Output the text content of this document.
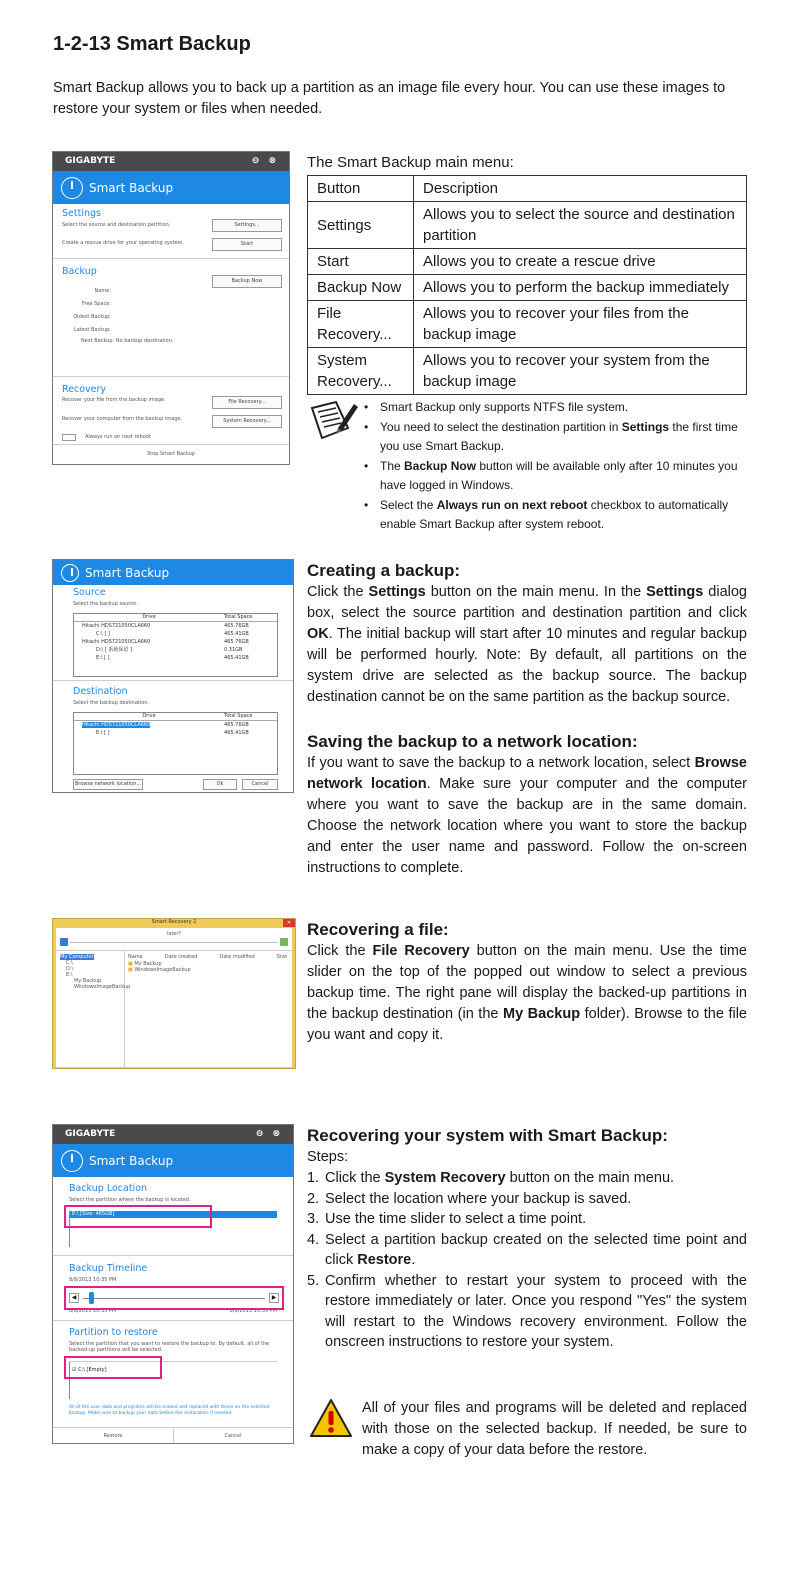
1-2-13 Smart Backup

Smart Backup allows you to back up a partition as an image file every hour. You can use these images to restore your system or files when needed.

GIGABYTE	⊖ ⊗
Smart Backup
Settings
Select the source and destination partition.	Settings...
Create a rescue drive for your operating system.	Start
Backup
Backup Now
Name:
Free Space:
Oldest Backup:
Latest Backup:
Next Backup: No backup destination.
Recovery
Recover your file from the backup image.	File Recovery...
Recover your computer from the backup image.	System Recovery...
Always run on next reboot
Stop Smart Backup
The Smart Backup main menu:
Button	Description
Settings	Allows you to select the source and destination partition
Start	Allows you to create a rescue drive
Backup Now	Allows you to perform the backup immediately
File Recovery...	Allows you to recover your files from the backup image
System Recovery...	Allows you to recover your system from the backup image
• Smart Backup only supports NTFS file system.
• You need to select the destination partition in Settings the first time you use Smart Backup.
• The Backup Now button will be available only after 10 minutes you have logged in Windows.
• Select the Always run on next reboot checkbox to automatically enable Smart Backup after system reboot.
Smart Backup
Source
Select the backup source.
Drive	Total Space
Hitachi HDS721050CLA660	465.76GB
C:\ [ ]	465.41GB
Hitachi HDS721050CLA660	465.76GB
D:\ [ 系統保留 ]	0.31GB
E:\ [ ]	465.41GB
Destination
Select the backup destination.
Drive	Total Space
Hitachi HDS721050CLA660	465.76GB
E:\ [ ]	465.41GB
Browse network location...	Ok	Cancel
Creating a backup:

Click the Settings button on the main menu. In the Settings dialog box, select the source partition and destination partition and click OK. The initial backup will start after 10 minutes and regular backup will be performed hourly. Note: By default, all partitions on the system drive are selected as the backup source. The backup destination cannot be on the same partition as the backup source.

Saving the backup to a network location:

If you want to save the backup to a network location, select Browse network location. Make sure your computer and the computer where you want to save the backup are in the same domain. Choose the network location where you want to store the backup and enter the user name and password. Follow the on-screen instructions to complete.

Smart Recovery 2	✕
later?
My Computer
C:\
D:\
E:\
My Backup
WindowsImageBackup
Name	Date created	Date modified	Size
■ My Backup
■ WindowsImageBackup
Recovering a file:

Click the File Recovery button on the main menu. Use the time slider on the top of the popped out window to select a previous backup time. The right pane will display the backed-up partitions in the backup destination (in the My Backup folder). Browse to the file you want and copy it.

GIGABYTE	⊖ ⊗
Smart Backup
Backup Location
Select the partition where the backup is located.
E:\ [Size: 465GB]
Backup Timeline
8/8/2013 10:35 PM
◀	▶
8/8/2013 10:35 PM	8/8/2013 10:35 PM
Partition to restore
Select the partition that you want to restore the backup to. By default, all of the backed-up partitions will be selected.
☑ C:\ [Empty]
All of the user data and programs will be erased and replaced with those on the selected backup. Make sure to backup your data before the restoration if needed.
Restore	Cancel
Recovering your system with Smart Backup:
Steps:
1. Click the System Recovery button on the main menu.
2. Select the location where your backup is saved.
3. Use the time slider to select a time point.
4. Select a partition backup created on the selected time point and click Restore.
5. Confirm whether to restart your system to proceed with the restore immediately or later. Once you respond "Yes" the system will restart to the Windows recovery environment. Follow the onscreen instructions to restore your system.

All of your files and programs will be deleted and replaced with those on the selected backup. If needed, be sure to make a copy of your data before the restore.
